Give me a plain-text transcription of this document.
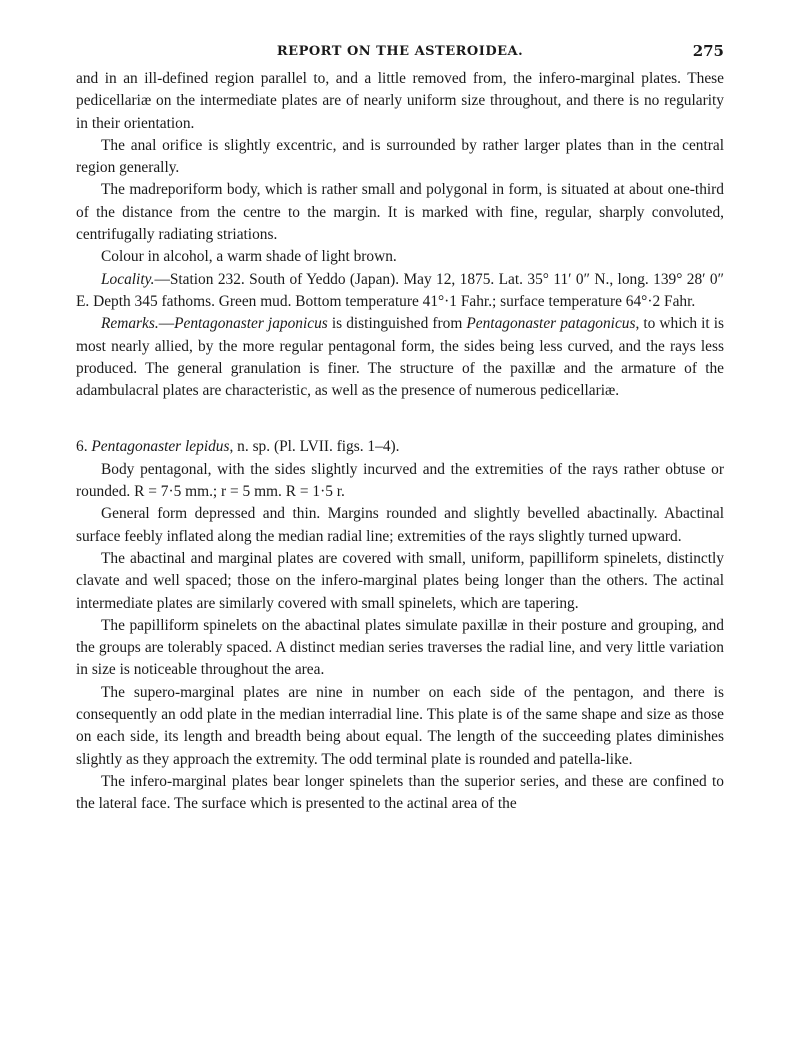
REPORT ON THE ASTEROIDEA.	275

and in an ill-defined region parallel to, and a little removed from, the infero-marginal plates. These pedicellariæ on the intermediate plates are of nearly uniform size throughout, and there is no regularity in their orientation.

The anal orifice is slightly excentric, and is surrounded by rather larger plates than in the central region generally.

The madreporiform body, which is rather small and polygonal in form, is situated at about one-third of the distance from the centre to the margin. It is marked with fine, regular, sharply convoluted, centrifugally radiating striations.

Colour in alcohol, a warm shade of light brown.

Locality.—Station 232. South of Yeddo (Japan). May 12, 1875. Lat. 35° 11′ 0″ N., long. 139° 28′ 0″ E. Depth 345 fathoms. Green mud. Bottom temperature 41°·1 Fahr.; surface temperature 64°·2 Fahr.

Remarks.—Pentagonaster japonicus is distinguished from Pentagonaster patagonicus, to which it is most nearly allied, by the more regular pentagonal form, the sides being less curved, and the rays less produced. The general granulation is finer. The structure of the paxillæ and the armature of the adambulacral plates are characteristic, as well as the presence of numerous pedicellariæ.

6. Pentagonaster lepidus, n. sp. (Pl. LVII. figs. 1–4).

Body pentagonal, with the sides slightly incurved and the extremities of the rays rather obtuse or rounded. R = 7·5 mm.; r = 5 mm. R = 1·5 r.

General form depressed and thin. Margins rounded and slightly bevelled abactinally. Abactinal surface feebly inflated along the median radial line; extremities of the rays slightly turned upward.

The abactinal and marginal plates are covered with small, uniform, papilliform spinelets, distinctly clavate and well spaced; those on the infero-marginal plates being longer than the others. The actinal intermediate plates are similarly covered with small spinelets, which are tapering.

The papilliform spinelets on the abactinal plates simulate paxillæ in their posture and grouping, and the groups are tolerably spaced. A distinct median series traverses the radial line, and very little variation in size is noticeable throughout the area.

The supero-marginal plates are nine in number on each side of the pentagon, and there is consequently an odd plate in the median interradial line. This plate is of the same shape and size as those on each side, its length and breadth being about equal. The length of the succeeding plates diminishes slightly as they approach the extremity. The odd terminal plate is rounded and patella-like.

The infero-marginal plates bear longer spinelets than the superior series, and these are confined to the lateral face. The surface which is presented to the actinal area of the
